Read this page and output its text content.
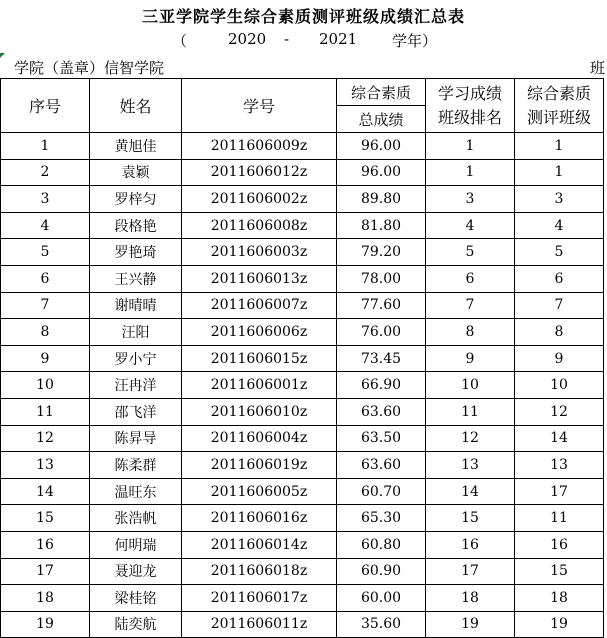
三亚学院学生综合素质测评班级成绩汇总表
（	2020 - 2021 学年）
学院（盖章）信智学院	班
序号	姓名	学号	综合素质	学习成绩班级排名	综合素质测评班级
			总成绩		
1	黄旭佳	2011606009z	96.00	1	1
2	袁颖	2011606012z	96.00	1	1
3	罗梓匀	2011606002z	89.80	3	3
4	段格艳	2011606008z	81.80	4	4
5	罗艳琦	2011606003z	79.20	5	5
6	王兴静	2011606013z	78.00	6	6
7	谢晴晴	2011606007z	77.60	7	7
8	汪阳	2011606006z	76.00	8	8
9	罗小宁	2011606015z	73.45	9	9
10	汪冉洋	2011606001z	66.90	10	10
11	邵飞洋	2011606010z	63.60	11	12
12	陈昇导	2011606004z	63.50	12	14
13	陈柔群	2011606019z	63.60	13	13
14	温旺东	2011606005z	60.70	14	17
15	张浩帆	2011606016z	65.30	15	11
16	何明瑞	2011606014z	60.80	16	16
17	聂迎龙	2011606018z	60.90	17	15
18	梁桂铭	2011606017z	60.00	18	18
19	陆奕航	2011606011z	35.60	19	19
